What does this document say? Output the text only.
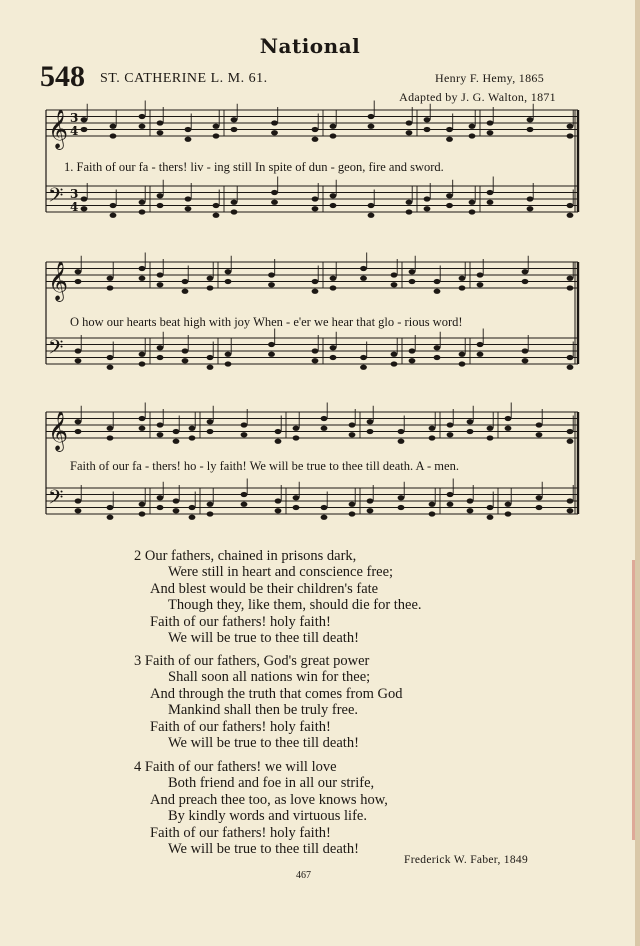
National
548 ST. CATHERINE L. M. 61.	Henry F. Hemy, 1865
Adapted by J. G. Walton, 1871
𝄞
𝄢
3
4
3
4
𝄞
𝄢
𝄞
𝄢
1. Faith of our fa - thers! liv - ing still In spite of dun - geon, fire and sword.
O how our hearts beat high with joy When - e'er we hear that glo - rious word!
Faith of our fa - thers! ho - ly faith! We will be true to thee till death. A - men.
2 Our fathers, chained in prisons dark,
Were still in heart and conscience free;
And blest would be their children's fate
Though they, like them, should die for thee.
Faith of our fathers! holy faith!
We will be true to thee till death!
3 Faith of our fathers, God's great power
Shall soon all nations win for thee;
And through the truth that comes from God
Mankind shall then be truly free.
Faith of our fathers! holy faith!
We will be true to thee till death!
4 Faith of our fathers! we will love
Both friend and foe in all our strife,
And preach thee too, as love knows how,
By kindly words and virtuous life.
Faith of our fathers! holy faith!
We will be true to thee till death!
Frederick W. Faber, 1849
467
